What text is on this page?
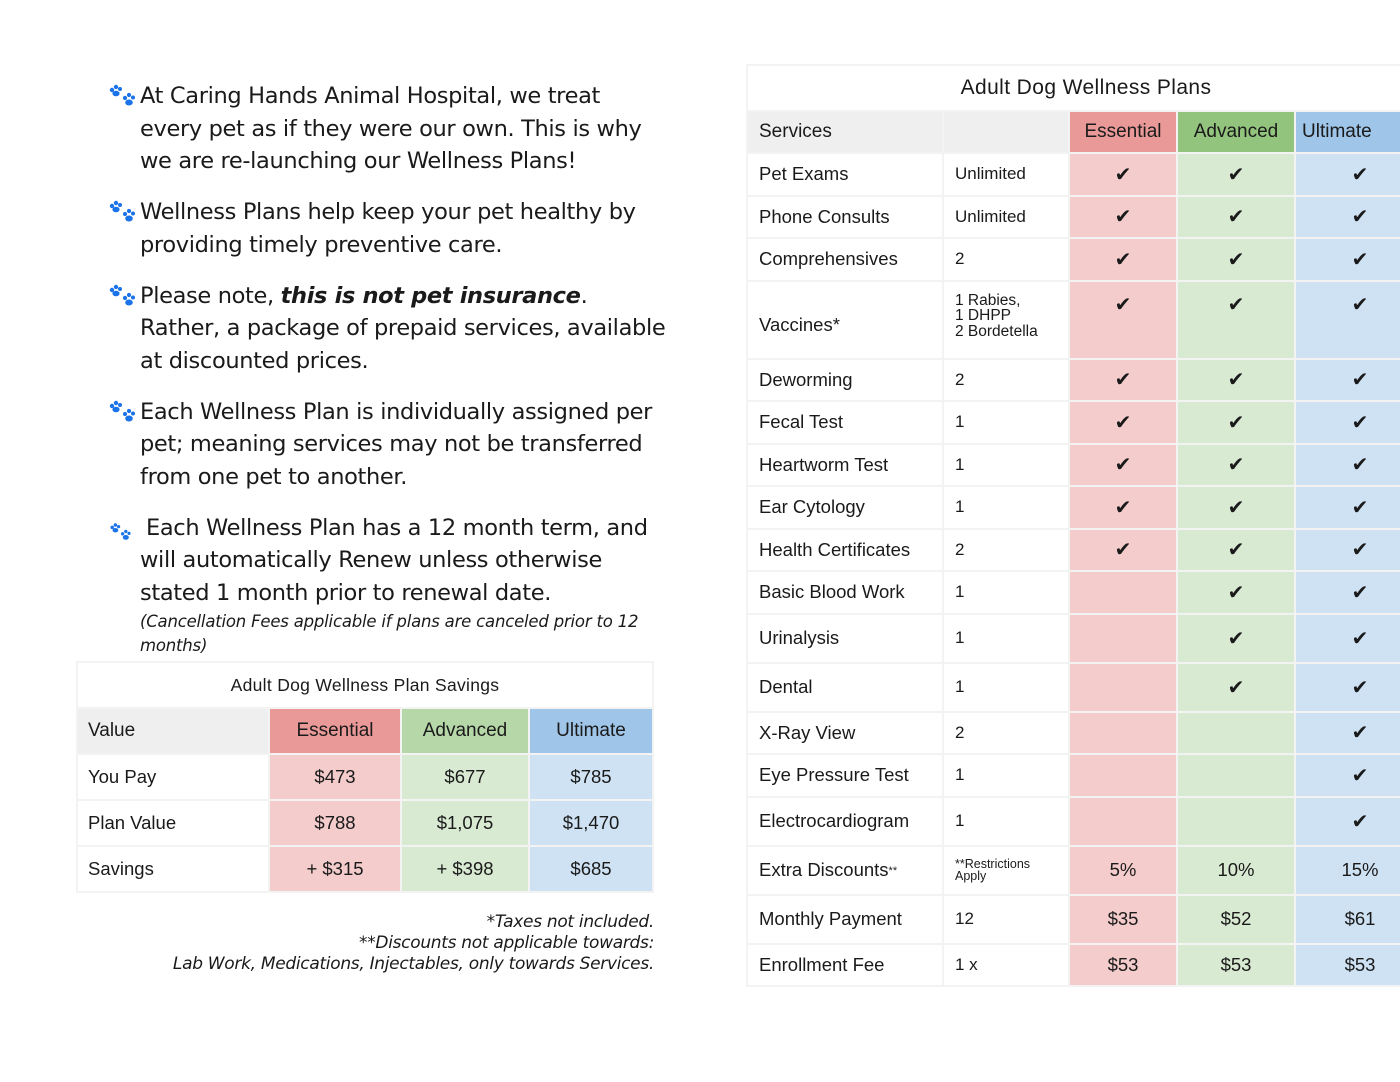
At Caring Hands Animal Hospital, we treat every pet as if they were our own. This is why we are re-launching our Wellness Plans!

Wellness Plans help keep your pet healthy by providing timely preventive care.

Please note, this is not pet insurance. Rather, a package of prepaid services, available at discounted prices.

Each Wellness Plan is individually assigned per pet; meaning services may not be transferred from one pet to another.

Each Wellness Plan has a 12 month term, and will automatically Renew unless otherwise stated 1 month prior to renewal date.
(Cancellation Fees applicable if plans are canceled prior to 12 months)

Adult Dog Wellness Plan Savings			
Value	Essential	Advanced	Ultimate
You Pay	$473	$677	$785
Plan Value	$788	$1,075	$1,470
Savings	+ $315	+ $398	$685
*Taxes not included.
**Discounts not applicable towards:
Lab Work, Medications, Injectables, only towards Services.
Adult Dog Wellness Plans				
Services		Essential	Advanced	Ultimate
Pet Exams	Unlimited	✔	✔	✔
Phone Consults	Unlimited	✔	✔	✔
Comprehensives	2	✔	✔	✔
Vaccines*	1 Rabies,
1 DHPP
2 Bordetella	✔	✔	✔
Deworming	2	✔	✔	✔
Fecal Test	1	✔	✔	✔
Heartworm Test	1	✔	✔	✔
Ear Cytology	1	✔	✔	✔
Health Certificates	2	✔	✔	✔
Basic Blood Work	1		✔	✔
Urinalysis	1		✔	✔
Dental	1		✔	✔
X-Ray View	2			✔
Eye Pressure Test	1			✔
Electrocardiogram	1			✔
Extra Discounts**	**Restrictions
Apply	5%	10%	15%
Monthly Payment	12	$35	$52	$61
Enrollment Fee	1 x	$53	$53	$53
